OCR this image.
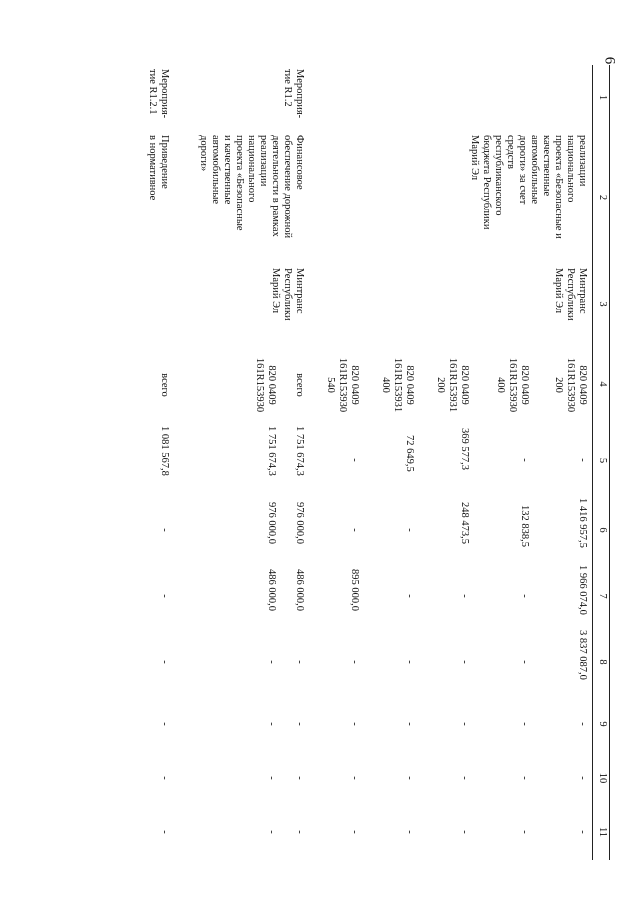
6
1
2
3
4
5
6
7
8
9
10
11
реализации
национального
проекта «Безопасные и
качественные
автомобильные
дороги» за счет
средств
республиканского
бюджета Республики
Марий Эл
Минтранс
Республики
Марий Эл
820 0409
161R153930
200
-
1 416 957,5
1 966 074,0
3 837 087,0
-
-
-
820 0409
161R153930
400
-
132 838,5
-
-
-
-
-
820 0409
161R153931
200
369 577,3
248 473,5
-
-
-
-
-
820 0409
161R153931
400
72 649,5
-
-
-
-
-
-
820 0409
161R153930
540
-
-
895 000,0
-
-
-
-
Мероприя-
тие R1.2
Финансовое
обеспечение дорожной
деятельности в рамках
реализации
национального
проекта «Безопасные
и качественные
автомобильные
дороги»
Минтранс
Республики
Марий Эл
всего
1 751 674,3
976 000,0
486 000,0
-
-
-
-
820 0409
161R153930
1 751 674,3
976 000,0
486 000,0
-
-
-
-
Мероприя-
тие R1.2.1
Приведение
в нормативное
всего
1 081 567,8
-
-
-
-
-
-
